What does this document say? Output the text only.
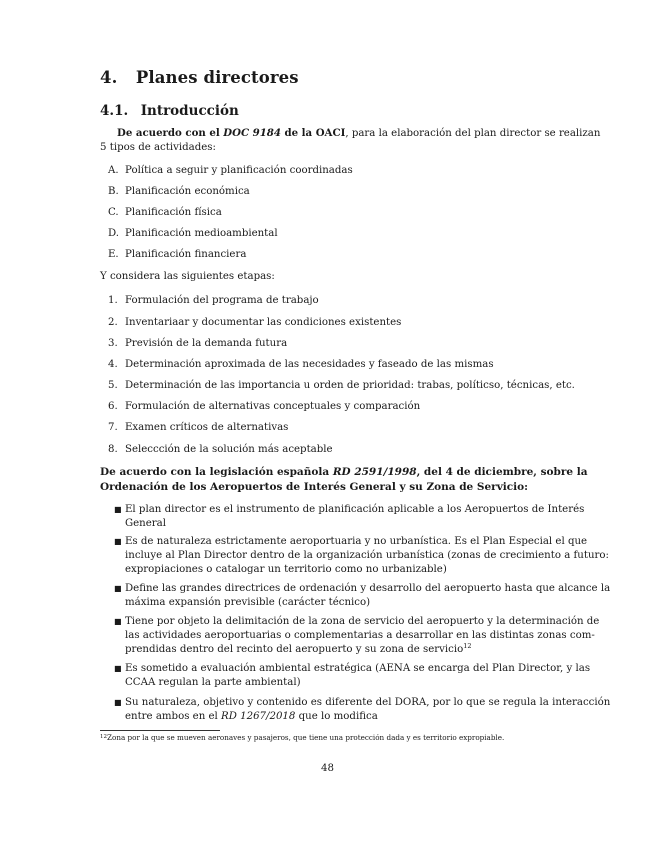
4. Planes directores
4.1. Introducción
De acuerdo con el DOC 9184 de la OACI, para la elaboración del plan director se realizan
5 tipos de actividades:
A. Política a seguir y planificación coordinadas
B. Planificación económica
C. Planificación física
D. Planificación medioambiental
E. Planificación financiera
Y considera las siguientes etapas:
1. Formulación del programa de trabajo
2. Inventariaar y documentar las condiciones existentes
3. Previsión de la demanda futura
4. Determinación aproximada de las necesidades y faseado de las mismas
5. Determinación de las importancia u orden de prioridad: trabas, políticso, técnicas, etc.
6. Formulación de alternativas conceptuales y comparación
7. Examen críticos de alternativas
8. Seleccción de la solución más aceptable
De acuerdo con la legislación española RD 2591/1998, del 4 de diciembre, sobre la
Ordenación de los Aeropuertos de Interés General y su Zona de Servicio:
■ El plan director es el instrumento de planificación aplicable a los Aeropuertos de Interés
General
■ Es de naturaleza estrictamente aeroportuaria y no urbanística. Es el Plan Especial el que
incluye al Plan Director dentro de la organización urbanística (zonas de crecimiento a futuro:
expropiaciones o catalogar un territorio como no urbanizable)
■ Define las grandes directrices de ordenación y desarrollo del aeropuerto hasta que alcance la
máxima expansión previsible (carácter técnico)
■ Tiene por objeto la delimitación de la zona de servicio del aeropuerto y la determinación de
las actividades aeroportuarias o complementarias a desarrollar en las distintas zonas com-
prendidas dentro del recinto del aeropuerto y su zona de servicio$^{12}$
■ Es sometido a evaluación ambiental estratégica (AENA se encarga del Plan Director, y las
CCAA regulan la parte ambiental)
■ Su naturaleza, objetivo y contenido es diferente del DORA, por lo que se regula la interacción
entre ambos en el RD 1267/2018 que lo modifica
$^{12}$Zona por la que se mueven aeronaves y pasajeros, que tiene una protección dada y es territorio expropiable.
48
